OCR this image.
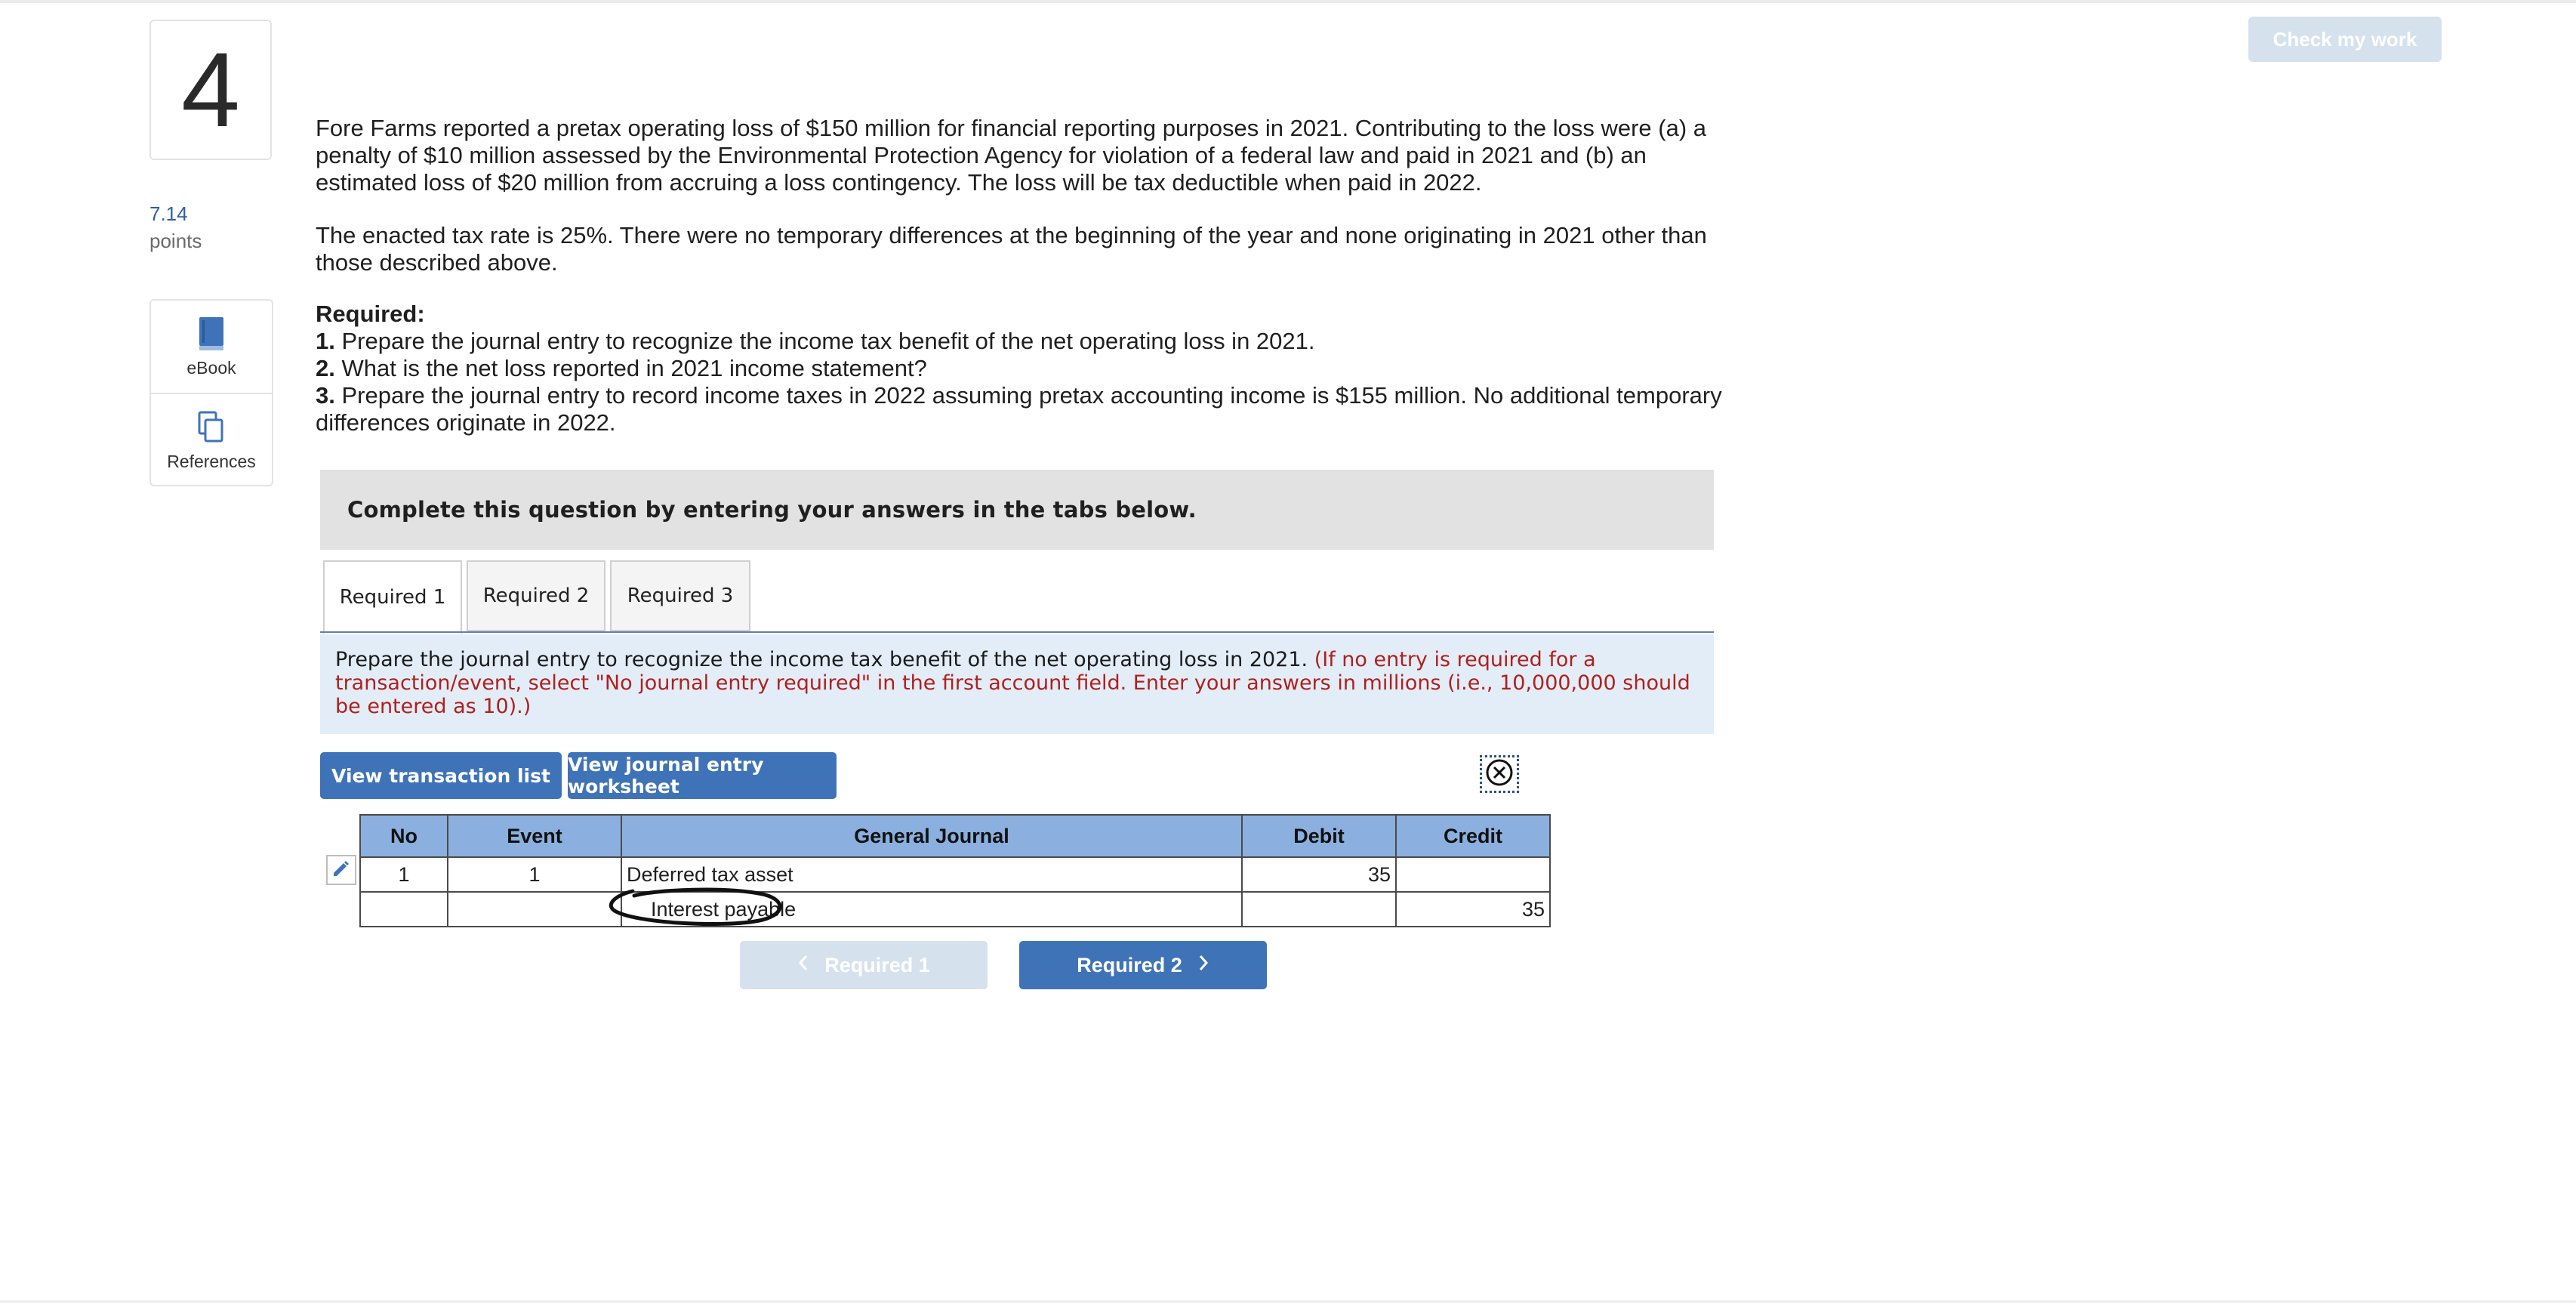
4
7.14
points
eBook
References
Check my work
Fore Farms reported a pretax operating loss of $150 million for financial reporting purposes in 2021. Contributing to the loss were (a) a penalty of $10 million assessed by the Environmental Protection Agency for violation of a federal law and paid in 2021 and (b) an estimated loss of $20 million from accruing a loss contingency. The loss will be tax deductible when paid in 2022.
The enacted tax rate is 25%. There were no temporary differences at the beginning of the year and none originating in 2021 other than those described above.
Required:
1. Prepare the journal entry to recognize the income tax benefit of the net operating loss in 2021.
2. What is the net loss reported in 2021 income statement?
3. Prepare the journal entry to record income taxes in 2022 assuming pretax accounting income is $155 million. No additional temporary differences originate in 2022.
Complete this question by entering your answers in the tabs below.
Required 1	Required 2	Required 3
Prepare the journal entry to recognize the income tax benefit of the net operating loss in 2021. (If no entry is required for a transaction/event, select "No journal entry required" in the first account field. Enter your answers in millions (i.e., 10,000,000 should be entered as 10).)
View transaction list View journal entry worksheet
No	Event	General Journal	Debit	Credit
1	1	Deferred tax asset	35	
		Interest payable		35
Required 1	Required 2
